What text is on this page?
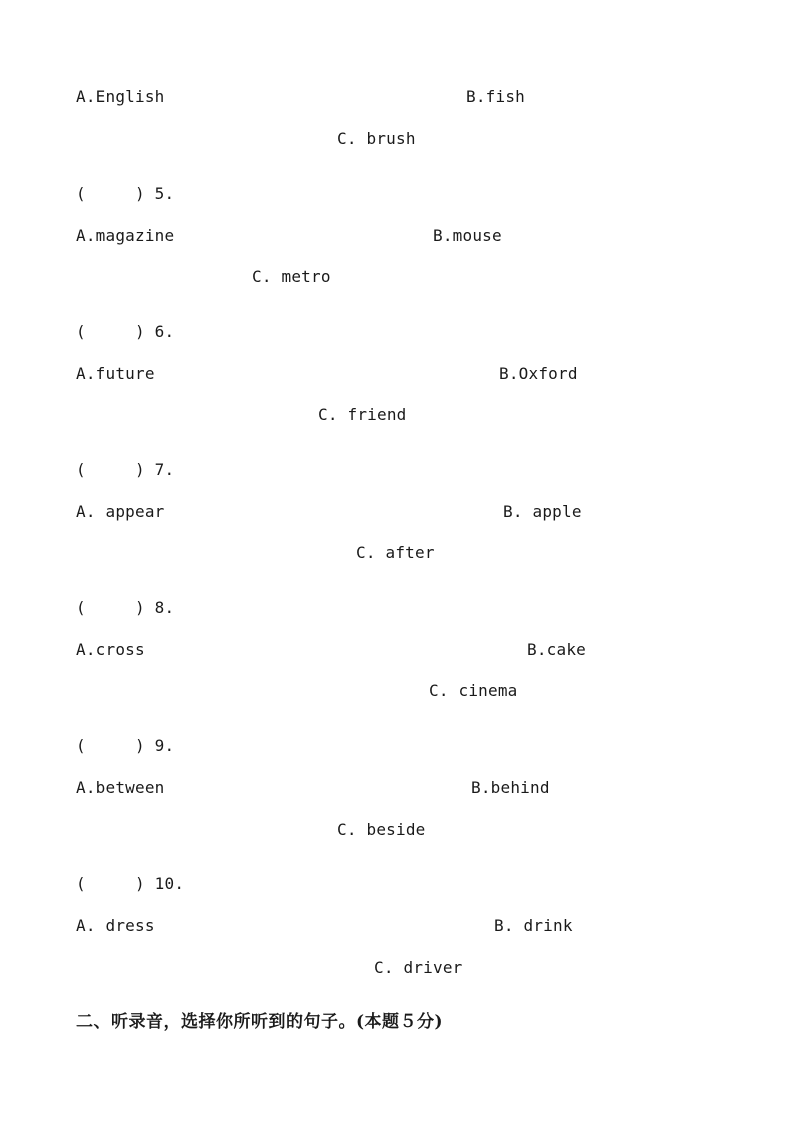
A.English	B.fish
C. brush
(     ) 5.
A.magazine	B.mouse
C. metro
(     ) 6.
A.future	B.Oxford
C. friend
(     ) 7.
A. appear	B. apple
C. after
(     ) 8.
A.cross	B.cake
C. cinema
(     ) 9.
A.between	B.behind
C. beside
(     ) 10.
A. dress	B. drink
C. driver
二、听录音，选择你所听到的句子。(本题５分)
